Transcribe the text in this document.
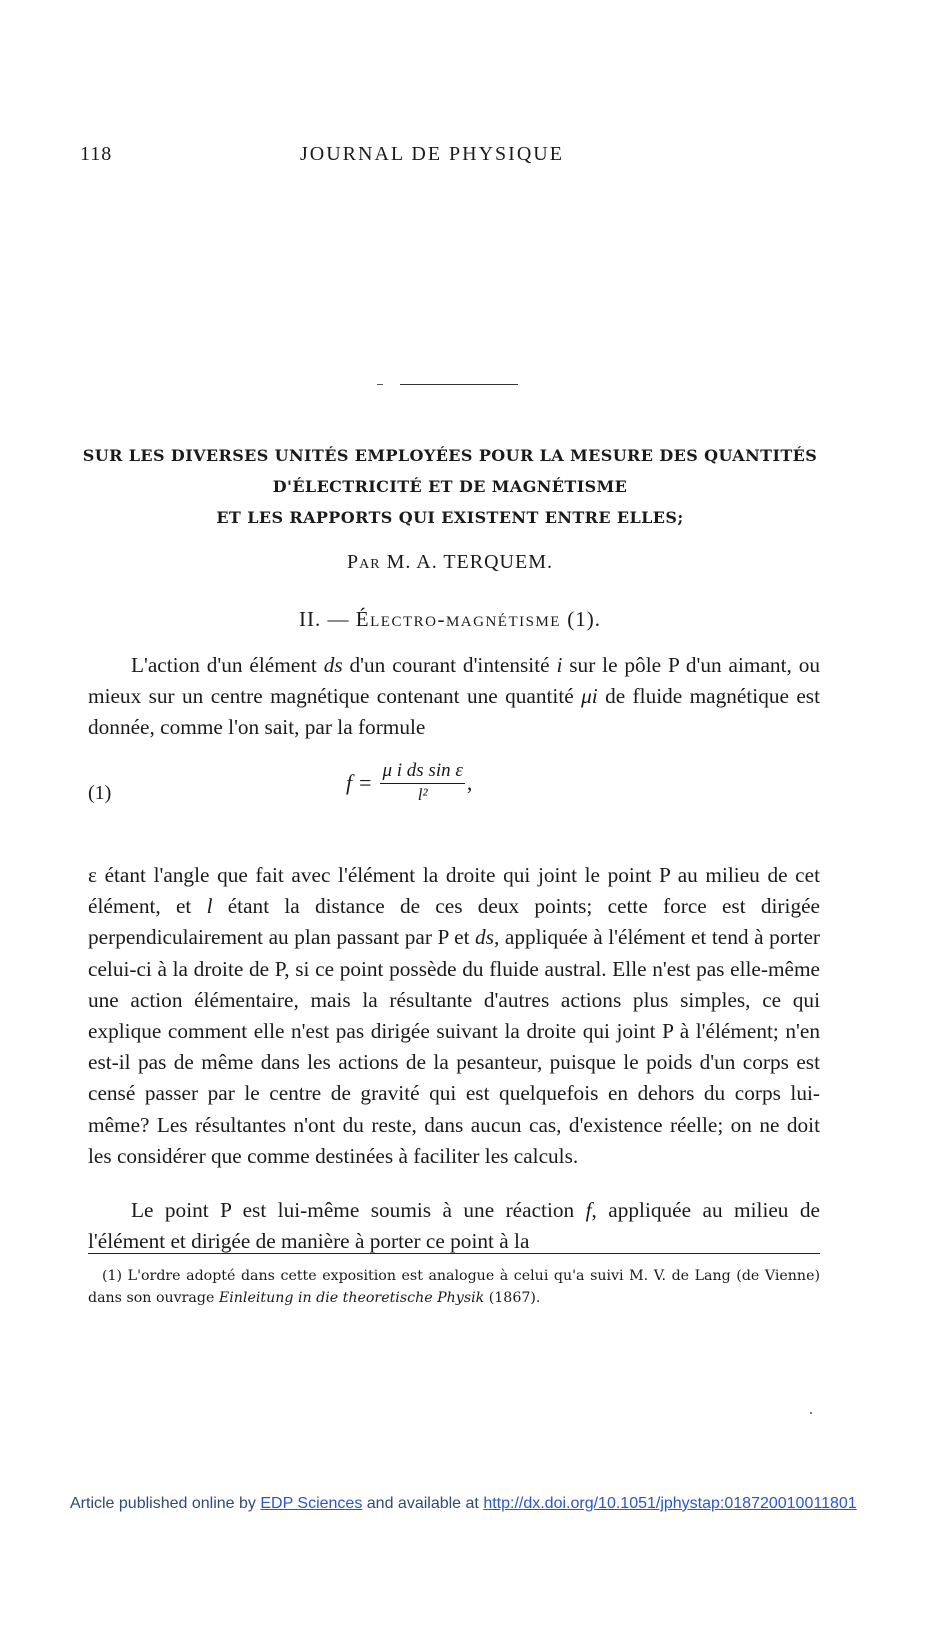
118	JOURNAL DE PHYSIQUE
SUR LES DIVERSES UNITÉS EMPLOYÉES POUR LA MESURE DES QUANTITÉS
D'ÉLECTRICITÉ ET DE MAGNÉTISME
ET LES RAPPORTS QUI EXISTENT ENTRE ELLES;
Par M. A. TERQUEM.
II. — Électro-magnétisme (1).
L'action d'un élément ds d'un courant d'intensité i sur le pôle P d'un aimant, ou mieux sur un centre magnétique contenant une quantité μi de fluide magnétique est donnée, comme l'on sait, par la formule
(1)	$f = \frac{\text{μ i ds sin ε}}{\text{l²}}$ ,
ε étant l'angle que fait avec l'élément la droite qui joint le point P au milieu de cet élément, et l étant la distance de ces deux points; cette force est dirigée perpendiculairement au plan passant par P et ds, appliquée à l'élément et tend à porter celui-ci à la droite de P, si ce point possède du fluide austral. Elle n'est pas elle-même une action élémentaire, mais la résultante d'autres actions plus simples, ce qui explique comment elle n'est pas dirigée suivant la droite qui joint P à l'élément; n'en est-il pas de même dans les actions de la pesanteur, puisque le poids d'un corps est censé passer par le centre de gravité qui est quelquefois en dehors du corps lui-même? Les résultantes n'ont du reste, dans aucun cas, d'existence réelle; on ne doit les considérer que comme destinées à faciliter les calculs.
Le point P est lui-même soumis à une réaction f, appliquée au milieu de l'élément et dirigée de manière à porter ce point à la
(1) L'ordre adopté dans cette exposition est analogue à celui qu'a suivi M. V. de Lang (de Vienne) dans son ouvrage Einleitung in die theoretische Physik (1867).
Article published online by EDP Sciences and available at http://dx.doi.org/10.1051/jphystap:018720010011801
